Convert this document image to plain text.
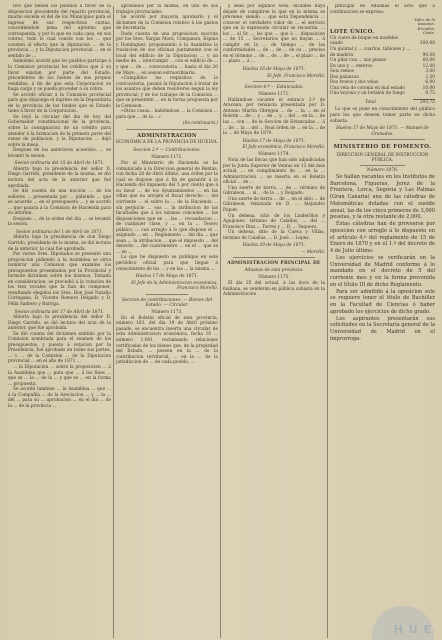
tivo que tienen los pueblos á favor de la disposicion precedente del reparto provincial, mucho excede el del de los Municipios para el ingreso de sus respectivas cuotas, concediéndole pena del apremio que corresponda, y por lo que en cada caso, en sus cobros, todo lo cual conste con los ... que consten al efecto que la diputacion ... de la provincia ... y la Diputacion provincial ... en el sentido de ...

Asimismo acordó que los pueblos participe á la Comision provincial los créditos que á su favor existan por parte del Estado, procedentes de los bienes de sus propios vendidos, á fin de que esta Corporacion se haga cargo y se pueda proceder á su cobro.

Se acordó oficiar á la Comision provincial para que disponga el ingreso en la Depositaría de la provincia de los fondos que el Estado tiene á favor de la Corporacion.

Se leyó la circular del dia de hoy del Gobernador constitucional de la provincia, sobre la consignacion de un crédito para atender á la formacion de la primera parte del censo de poblacion, y la Diputacion ... dejó sobre la mesa.

Despues de los anteriores acuerdos, ... se levantó la sesion.

Sesion ordinaria del 15 de Abril de 1871.

Abierta bajo la presidencia del señor D. Diego Garrido, presidente de la misma, se dió lectura del acta de la anterior que fué aprobada.

Se dió cuenta de una moción ... de los señores ... presentada por ... pidiendo ... que se acuerde ... en el presupuesto ... y se acordó ... que pasara á la Comision de Hacienda para su informe.

Despues ... de la orden del dia ... se levantó la sesion.

Sesion ordinaria del 1 de Abril de 1871.

Abierta bajo la presidencia de don Diego Garrido, presidente de la misma, se dió lectura de la anterior, la cual fué aprobada.

Por varios Sres. Diputados se presentó una proposicion pidiendo á la Asamblea se sirva nombrar una Comision que examine los presupuestos presentados por la Provincial y formule dictámen sobre los mismos. Tomada en consideracion, se procedió á la votacion de los tres vocales que la han de componer, resultando elegidos los Sres. Don José Natalio Cortegana, D. Vicente Romero Delgado y D. Félix Santero y Barriga.

Sesion ordinaria del 17 de Abril de 1871.

Abierta bajo la presidencia del señor D. Diego Garrido, se dió lectura del acta de la anterior, que fué aprobada.

Se dió cuenta del dictámen emitido por la Comision nombrada para el examen de los presupuestos, y puesto á votacion por la Presidencia, fué aprobado en todas sus partes, ... y ... de la Comision ... de la Diputacion provincial ... en el año de 1871 ...

... la Diputacion ... sobre la proposicion ... á la Asamblea que ... para que ... á los fines ... que se ... la ... de la ... y que se ... en la forma ... propuesta.

Se acordó tambien ... la Asamblea ... que ... á la Compañía ... de la Asociacion ... y ... la ... del ... para su ... aprobacion ... en el dia ... de la ... de la provincia ...

aprobados por la misma, en uno de sus trabajos provinciales.

Se acordó por mayoría aprobarlo y el dictamen de la Comision relativo á los gastos de Secretaría.

Dada cuenta de una proposicion suscrita por los Sres. Vargas Mora, Companon, Espina y Domínguez, proponiendo á la Asamblea la traslacion de sus oficinas juntamente con el local del edificio de la Diputacion ... y un medio de ... interrumpir ... con el edificio de ... y que ... de ... convocatoria ... hasta el dia 20 de Mayo ... en sesion extraordinaria.

«Cumplidos los requisitos de la convocatoria, pasará la Diputacion á tratar de los asuntos que deben resolverse segun la ley provincial, y de los trabajos de la Comision ... que se presenten ... en la forma propuesta por la Comision.

«Otras cosas... habiéndose ... la Comision ... para que ... de la ...»

(Se continuará.)
ADMINISTRACION
ECONÓMICA DE LA PROVINCIA DE HUELVA.
Seccion 2.ª — Contribuciones.
Número 1171.

Por el Ministerio de Hacienda se ha comunicado á la Direccion general de Rentas, con fecha 28 de Abril último, una órden por la cual se dispone que á fin de garantir á la Hacienda del impuesto del 5 por ciento que á su favor ... de los Ayuntamientos ... en las villas que no arrojen el fiscal derecho ... del corriente ... el sobre la ... de la Hacienda ... sin perjuicio ... sus ... la atribucion de las facultades que á los mismos conceden ... las disposiciones que en ... las ... recaudacion ... de cualquier clase, y ... en la ... Tesoro público, ... con arreglo á lo que dispone el ... asignado ... en ... Reglamento ... del dia ... que sean ... la atribucion ... que el impuesto ... del derecho ... del cuatrimestre ... en el ... que se ... en ...

Lo que he dispuesto se publique en este periódico oficial para que llegue á conocimiento de los ... y en las ... la misma ...

Huelva 17 de Mayo de 1871.
El Jefe de la Administracion económica, Francisco Morelló.
Seccion de contribuciones. — Bienes del Estado. — Circular.
Número 1173.

En el Boletin oficial de esta provincia, número 163, del día 19 de Abril próximo pasado, se encuentra inserta una circular de esta Administracion económica, fecha 10 ... número 1.091, reclamando relaciones certificadas de los bienes que, de la propiedad del Estado, ... poseen en la ... de la contribucion territorial, ... en la ... de la jurisdiccion de ... de cada pueblo, ...

y sean por algunos Sres. Alcaldes haya dejado de cumplirse lo que en la misma se previene, siendo ... que esta Dependencia ... conocer el verdadero valor de ... el servicio que en la expresada circular se recuerda, ... los ... al Sr. ... los que ... que á ... disposicion ... de 15 ... Secretarios que no hayan ... á cumplir en la ... de tiempo ... de las conformidades ... de ... de ... en su ... preciso en el término ... de ... de ... de ... el plazo ... de ... plazo ... á ...

Huelva 16 de Mayo de 1871.
El Jefe, Francisco Morelló.
Seccion 4.ª — Estancadas.
Número 1171.

Hallándose vacante el estanco 2.º de Aracena, por renuncia presentada por D. Antonio Martin Obregon ... de ... la ... en el Boletin ... de ... y ... de ... y ... del ... en la ... de las ... con ... de la Seccion de Estancadas ... á ... de ... la ... del ... Real órden de ... en la ... de la ... de Mayo de 1870.

Huelva 17 de Mayo de 1871.
El Jefe económico, Francisco Morelló.
Número 1174.

Nota de las fincas que han sido adjudicadas por la Junta Superior de Ventas en 13 del mes actual, ... en cumplimiento de ... en la ... Administracion ... se inserta en el Boletin oficial ... de ...

Una suerte de tierra, ... de ... término de Gibraleon, ... al ... de la ... y Delgado.

Una suerte de tierra ... de ... en el sitio ... de Gibraleon, rematada en D. ... Alejandro Piquet.

Un dehesa, sitio de los Linderillos y Aguijones, término de Calañas, ... del ... Francisco Diaz ... Torres y ... D. ... Vaquero.

Un dehesa, sitio de la Cueva y Villas, término de Calañas, ... D. José ... Lopez.

Huelva 20 de Mayo de 1871.
— Morelló.
ADMINISTRACION PRINCIPAL DE
Aduanas de esta provincia.
Número 1175.

El dia 25 del actual, á las doce de la mañana, se venderán en pública subasta en la Administracion

principal de Aduanas el acto que á continuacion se expresa:

LOTE ÚNICO.
Valor de la tasacion. Escudos. Cénts.
Un cuero de buque en muebles usado	200,00
Un quintal y ... cuartos, tablones y ... de madera	90,00
Un pilar con ... sus piezas	60,00
En uno y ... enteros	12,00
Seis remos	3,00
Dos palancas	2,50
Dos trozos y dos velas	6,00
Una vela de cotonía en mal estado	10,00
Una boyona y un botalón de fuego	0,75
Total	293,75

Lo que se pone en conocimiento del público para los que deseen tomar parte en dicha subasta.

Huelva 17 de Mayo de 1871. — Manuel de Granados.
MINISTERIO DE FOMENTO.
DIRECCION GENERAL DE INSTRUCCION PÚBLICA.
Número 1076.

Se hallan vacantes en los Institutos de Barcelona, Figueras, Jerez de la Frontera, Lorca, Segovia y Las Palmas (Gran Canaria) una de las cátedras de Matemáticas dotadas con el sueldo anual, las de los cinco primeros de 3,000 pesetas, y la otra restante de 2,000.

Estas cátedras han de proveerse por oposicion con arreglo á lo dispuesto en el artículo 4.º del reglamento de 15 de Enero de 1870 y en el 1.º del decreto de 4 de Julio último.

Los ejercicios se verificarán en la Universidad de Madrid conforme á lo mandado en el decreto de 5 del corriente mes y en la forma prevenida en el título III de dicho Reglamento.

Para ser admitido á la oposicion solo se requiere tener el título de Bachiller en la Facultad de Ciencias ó haber aprobado los ejercicios de dicho grado.

Los aspirantes presentarán sus solicitudes en la Secretaría general de la Universidad de Madrid en el improrroga-

H U E
